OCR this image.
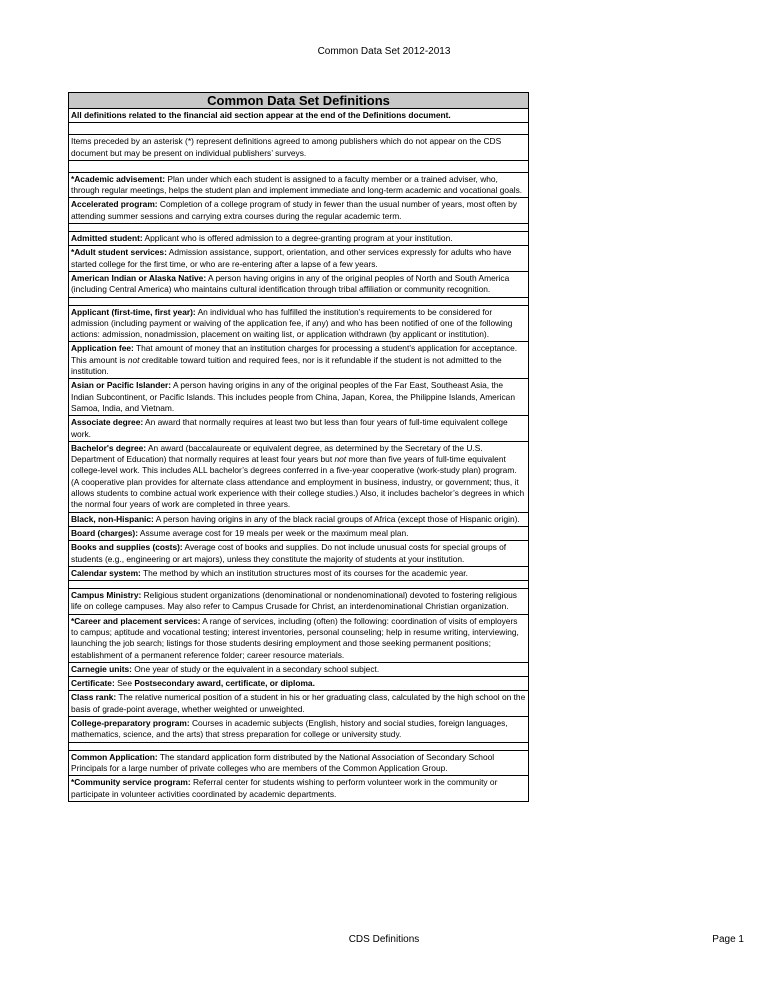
Common Data Set 2012-2013
Common Data Set Definitions
All definitions related to the financial aid section appear at the end of the Definitions document.

Items preceded by an asterisk (*) represent definitions agreed to among publishers which do not appear on the CDS document but may be present on individual publishers’ surveys.

*Academic advisement: Plan under which each student is assigned to a faculty member or a trained adviser, who, through regular meetings, helps the student plan and implement immediate and long-term academic and vocational goals.
Accelerated program: Completion of a college program of study in fewer than the usual number of years, most often by attending summer sessions and carrying extra courses during the regular academic term.

Admitted student: Applicant who is offered admission to a degree-granting program at your institution.
*Adult student services: Admission assistance, support, orientation, and other services expressly for adults who have started college for the first time, or who are re-entering after a lapse of a few years.
American Indian or Alaska Native: A person having origins in any of the original peoples of North and South America (including Central America) who maintains cultural identification through tribal affiliation or community recognition.

Applicant (first-time, first year): An individual who has fulfilled the institution’s requirements to be considered for admission (including payment or waiving of the application fee, if any) and who has been notified of one of the following actions: admission, nonadmission, placement on waiting list, or application withdrawn (by applicant or institution).
Application fee: That amount of money that an institution charges for processing a student’s application for acceptance. This amount is not creditable toward tuition and required fees, nor is it refundable if the student is not admitted to the institution.
Asian or Pacific Islander: A person having origins in any of the original peoples of the Far East, Southeast Asia, the Indian Subcontinent, or Pacific Islands. This includes people from China, Japan, Korea, the Philippine Islands, American Samoa, India, and Vietnam.
Associate degree: An award that normally requires at least two but less than four years of full-time equivalent college work.
Bachelor's degree: An award (baccalaureate or equivalent degree, as determined by the Secretary of the U.S. Department of Education) that normally requires at least four years but not more than five years of full-time equivalent college-level work. This includes ALL bachelor’s degrees conferred in a five-year cooperative (work-study plan) program. (A cooperative plan provides for alternate class attendance and employment in business, industry, or government; thus, it allows students to combine actual work experience with their college studies.) Also, it includes bachelor’s degrees in which the normal four years of work are completed in three years.
Black, non-Hispanic: A person having origins in any of the black racial groups of Africa (except those of Hispanic origin).
Board (charges): Assume average cost for 19 meals per week or the maximum meal plan.
Books and supplies (costs): Average cost of books and supplies. Do not include unusual costs for special groups of students (e.g., engineering or art majors), unless they constitute the majority of students at your institution.
Calendar system: The method by which an institution structures most of its courses for the academic year.

Campus Ministry: Religious student organizations (denominational or nondenominational) devoted to fostering religious life on college campuses. May also refer to Campus Crusade for Christ, an interdenominational Christian organization.
*Career and placement services: A range of services, including (often) the following: coordination of visits of employers to campus; aptitude and vocational testing; interest inventories, personal counseling; help in resume writing, interviewing, launching the job search; listings for those students desiring employment and those seeking permanent positions; establishment of a permanent reference folder; career resource materials.
Carnegie units: One year of study or the equivalent in a secondary school subject.
Certificate: See Postsecondary award, certificate, or diploma.
Class rank: The relative numerical position of a student in his or her graduating class, calculated by the high school on the basis of grade-point average, whether weighted or unweighted.
College-preparatory program: Courses in academic subjects (English, history and social studies, foreign languages, mathematics, science, and the arts) that stress preparation for college or university study.

Common Application: The standard application form distributed by the National Association of Secondary School Principals for a large number of private colleges who are members of the Common Application Group.
*Community service program: Referral center for students wishing to perform volunteer work in the community or participate in volunteer activities coordinated by academic departments.
CDS Definitions	Page 1
